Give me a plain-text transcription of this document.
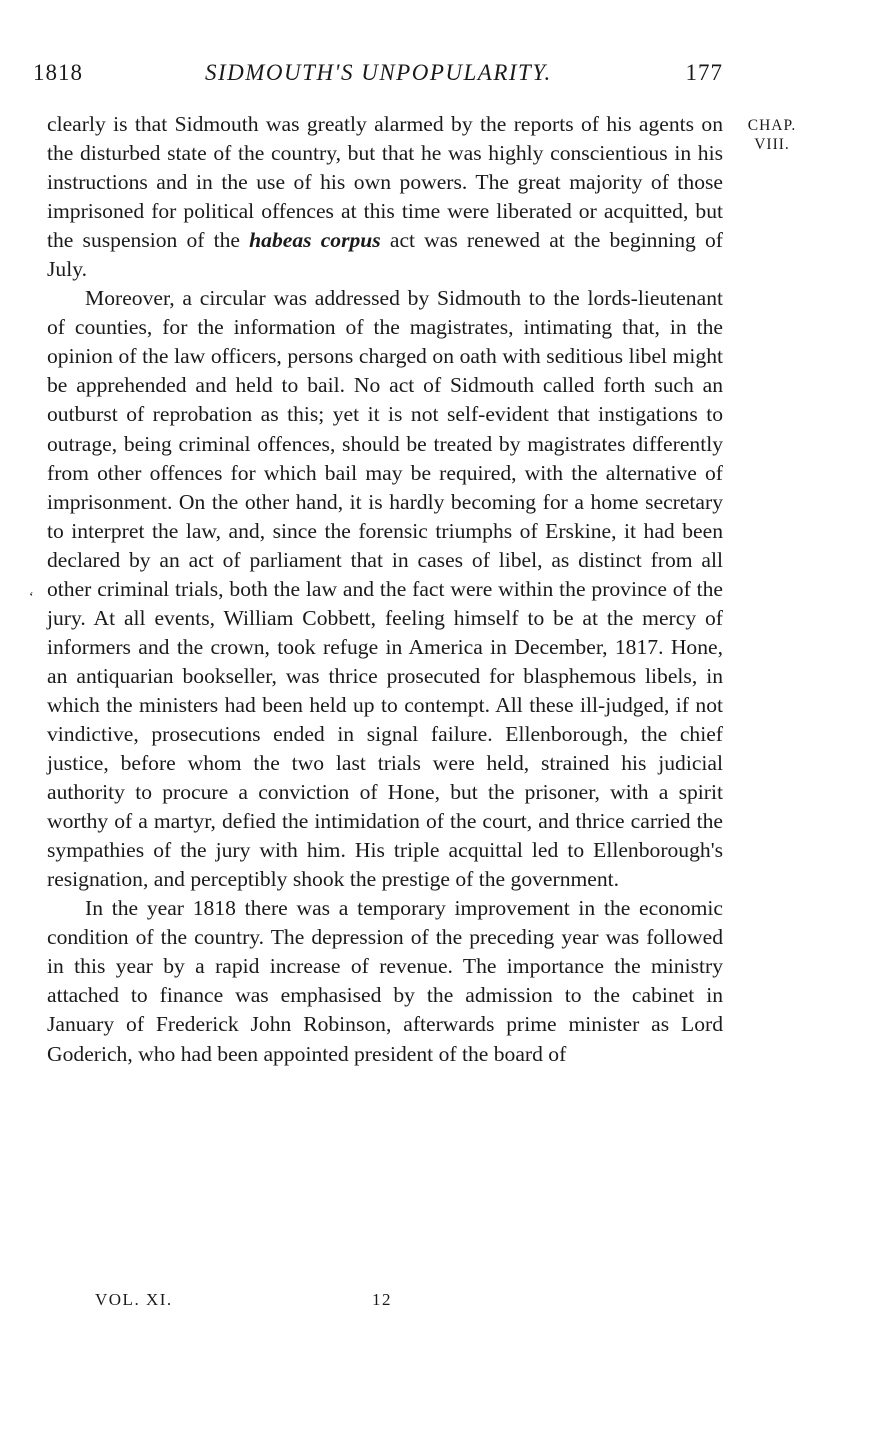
1818	SIDMOUTH'S UNPOPULARITY.	177
CHAP.
VIII.
‘

clearly is that Sidmouth was greatly alarmed by the reports of his agents on the disturbed state of the country, but that he was highly conscientious in his instructions and in the use of his own powers. The great majority of those imprisoned for political offences at this time were liberated or acquitted, but the suspension of the habeas corpus act was renewed at the beginning of July.

Moreover, a circular was addressed by Sidmouth to the lords-lieutenant of counties, for the information of the magistrates, intimating that, in the opinion of the law officers, persons charged on oath with seditious libel might be apprehended and held to bail. No act of Sidmouth called forth such an outburst of reprobation as this; yet it is not self-evident that instigations to outrage, being criminal offences, should be treated by magistrates differently from other offences for which bail may be required, with the alternative of imprisonment. On the other hand, it is hardly becoming for a home secretary to interpret the law, and, since the forensic triumphs of Erskine, it had been declared by an act of parliament that in cases of libel, as distinct from all other criminal trials, both the law and the fact were within the province of the jury. At all events, William Cobbett, feeling himself to be at the mercy of informers and the crown, took refuge in America in December, 1817. Hone, an antiquarian bookseller, was thrice prosecuted for blasphemous libels, in which the ministers had been held up to contempt. All these ill-judged, if not vindictive, prosecutions ended in signal failure. Ellenborough, the chief justice, before whom the two last trials were held, strained his judicial authority to procure a conviction of Hone, but the prisoner, with a spirit worthy of a martyr, defied the intimidation of the court, and thrice carried the sympathies of the jury with him. His triple acquittal led to Ellenborough's resignation, and perceptibly shook the prestige of the government.

In the year 1818 there was a temporary improvement in the economic condition of the country. The depression of the preceding year was followed in this year by a rapid increase of revenue. The importance the ministry attached to finance was emphasised by the admission to the cabinet in January of Frederick John Robinson, afterwards prime minister as Lord Goderich, who had been appointed president of the board of

VOL. XI.	12
